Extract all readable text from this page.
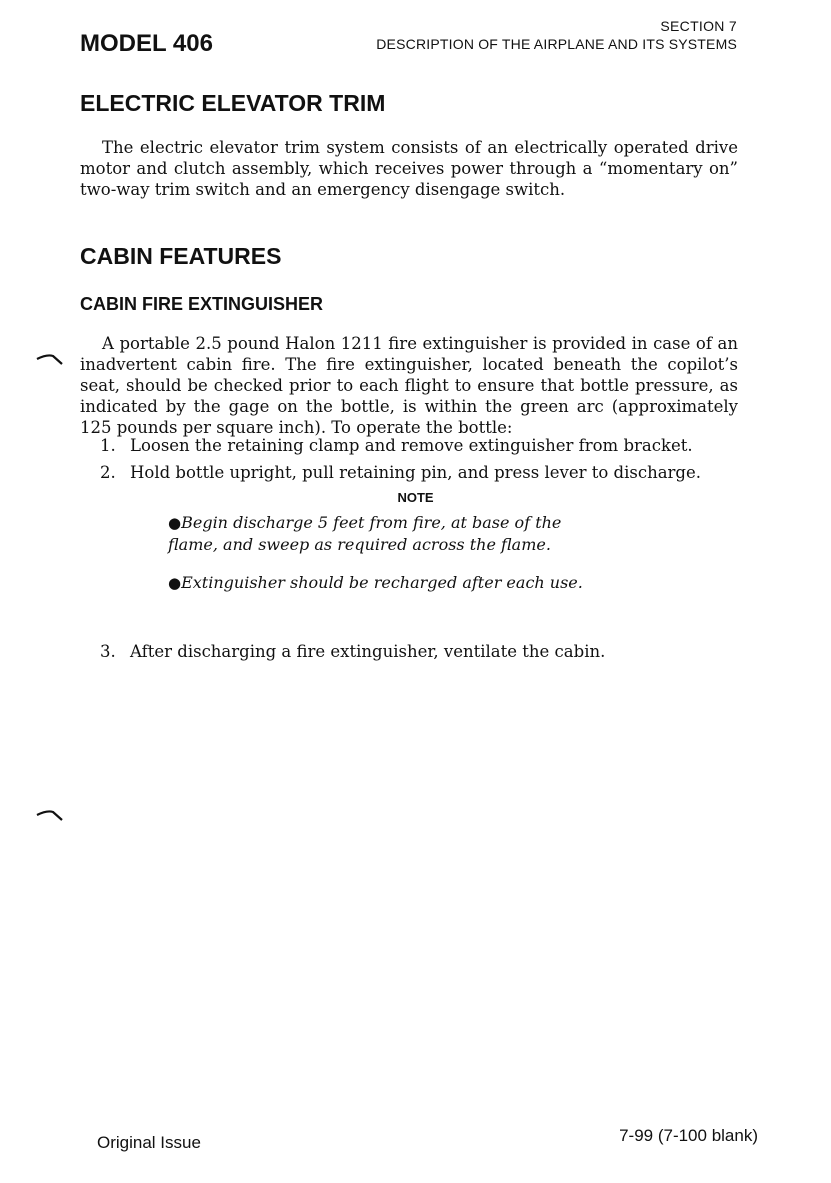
SECTION 7
MODEL 406	DESCRIPTION OF THE AIRPLANE AND ITS SYSTEMS
ELECTRIC ELEVATOR TRIM

The electric elevator trim system consists of an electrically operated drive motor and clutch assembly, which receives power through a “momentary on” two-way trim switch and an emergency disengage switch.

CABIN FEATURES
CABIN FIRE EXTINGUISHER

A portable 2.5 pound Halon 1211 fire extinguisher is provided in case of an inadvertent cabin fire. The fire extinguisher, located beneath the copilot’s seat, should be checked prior to each flight to ensure that bottle pressure, as indicated by the gage on the bottle, is within the green arc (approximately 125 pounds per square inch). To operate the bottle:

1. Loosen the retaining clamp and remove extinguisher from bracket.
2. Hold bottle upright, pull retaining pin, and press lever to discharge.
NOTE

●Begin discharge 5 feet from fire, at base of the flame, and sweep as required across the flame.

●Extinguisher should be recharged after each use.

3. After discharging a fire extinguisher, ventilate the cabin.
Original Issue	7-99 (7-100 blank)
